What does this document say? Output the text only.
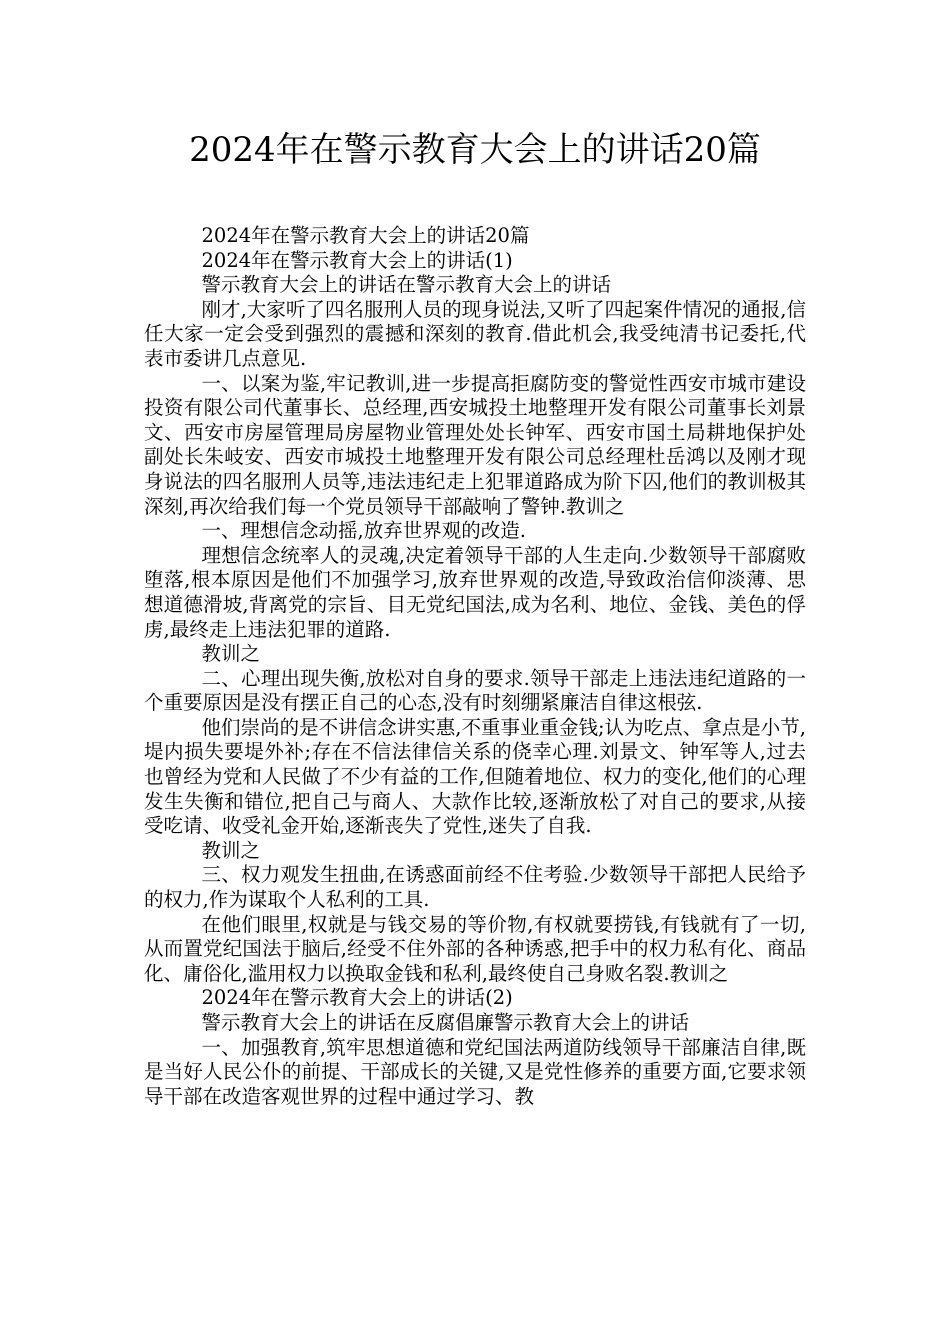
2024年在警示教育大会上的讲话20篇

2024年在警示教育大会上的讲话20篇

2024年在警示教育大会上的讲话(1)

警示教育大会上的讲话在警示教育大会上的讲话

刚才,大家听了四名服刑人员的现身说法,又听了四起案件情况的通报,信任大家一定会受到强烈的震撼和深刻的教育.借此机会,我受纯清书记委托,代表市委讲几点意见.

一、以案为鉴,牢记教训,进一步提高拒腐防变的警觉性西安市城市建设投资有限公司代董事长、总经理,西安城投土地整理开发有限公司董事长刘景文、西安市房屋管理局房屋物业管理处处长钟军、西安市国土局耕地保护处副处长朱岐安、西安市城投土地整理开发有限公司总经理杜岳鸿以及刚才现身说法的四名服刑人员等,违法违纪走上犯罪道路成为阶下囚,他们的教训极其深刻,再次给我们每一个党员领导干部敲响了警钟.教训之

一、理想信念动摇,放弃世界观的改造.

理想信念统率人的灵魂,决定着领导干部的人生走向.少数领导干部腐败堕落,根本原因是他们不加强学习,放弃世界观的改造,导致政治信仰淡薄、思想道德滑坡,背离党的宗旨、目无党纪国法,成为名利、地位、金钱、美色的俘虏,最终走上违法犯罪的道路.

教训之

二、心理出现失衡,放松对自身的要求.领导干部走上违法违纪道路的一个重要原因是没有摆正自己的心态,没有时刻绷紧廉洁自律这根弦.

他们崇尚的是不讲信念讲实惠,不重事业重金钱;认为吃点、拿点是小节,堤内损失要堤外补;存在不信法律信关系的侥幸心理.刘景文、钟军等人,过去也曾经为党和人民做了不少有益的工作,但随着地位、权力的变化,他们的心理发生失衡和错位,把自己与商人、大款作比较,逐渐放松了对自己的要求,从接受吃请、收受礼金开始,逐渐丧失了党性,迷失了自我.

教训之

三、权力观发生扭曲,在诱惑面前经不住考验.少数领导干部把人民给予的权力,作为谋取个人私利的工具.

在他们眼里,权就是与钱交易的等价物,有权就要捞钱,有钱就有了一切,从而置党纪国法于脑后,经受不住外部的各种诱惑,把手中的权力私有化、商品化、庸俗化,滥用权力以换取金钱和私利,最终使自己身败名裂.教训之

2024年在警示教育大会上的讲话(2)

警示教育大会上的讲话在反腐倡廉警示教育大会上的讲话

一、加强教育,筑牢思想道德和党纪国法两道防线领导干部廉洁自律,既是当好人民公仆的前提、干部成长的关键,又是党性修养的重要方面,它要求领导干部在改造客观世界的过程中通过学习、教
